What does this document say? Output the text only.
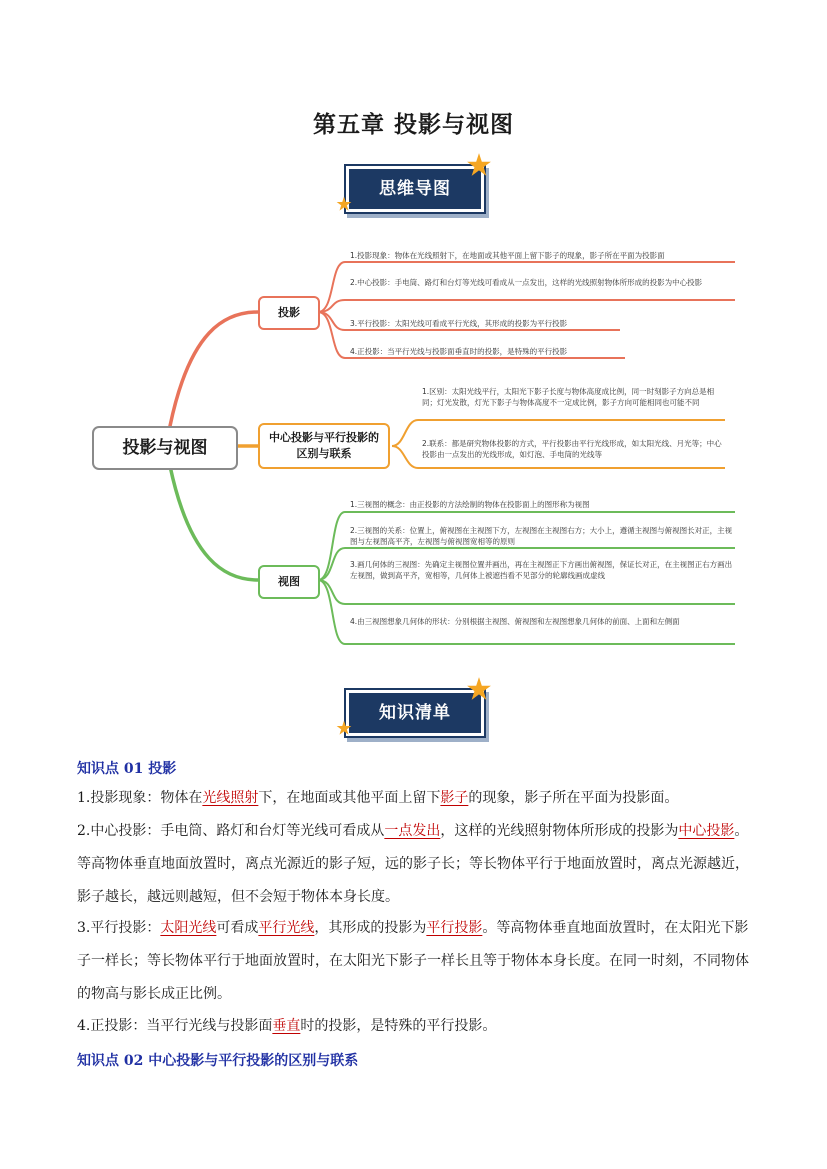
第五章 投影与视图
思维导图
投影与视图
投影
中心投影与平行投影的区别与联系
视图
1.投影现象：物体在光线照射下，在地面或其他平面上留下影子的现象，影子所在平面为投影面
2.中心投影：手电筒、路灯和台灯等光线可看成从一点发出，这样的光线照射物体所形成的投影为中心投影
3.平行投影：太阳光线可看成平行光线，其形成的投影为平行投影
4.正投影：当平行光线与投影面垂直时的投影，是特殊的平行投影
1.区别：太阳光线平行，太阳光下影子长度与物体高度成比例，同一时刻影子方向总是相同；灯光发散，灯光下影子与物体高度不一定成比例，影子方向可能相同也可能不同
2.联系：都是研究物体投影的方式，平行投影由平行光线形成，如太阳光线、月光等；中心投影由一点发出的光线形成，如灯泡、手电筒的光线等
1.三视图的概念：由正投影的方法绘制的物体在投影面上的图形称为视图
2.三视图的关系：位置上，俯视图在主视图下方，左视图在主视图右方；大小上，遵循主视图与俯视图长对正，主视图与左视图高平齐，左视图与俯视图宽相等的原则
3.画几何体的三视图：先确定主视图位置并画出，再在主视图正下方画出俯视图，保证长对正，在主视图正右方画出左视图，做到高平齐，宽相等，几何体上被遮挡看不见部分的轮廓线画成虚线
4.由三视图想象几何体的形状：分别根据主视图、俯视图和左视图想象几何体的前面、上面和左侧面
知识清单
知识点 01 投影
1.投影现象：物体在光线照射下，在地面或其他平面上留下影子的现象，影子所在平面为投影面。
2.中心投影：手电筒、路灯和台灯等光线可看成从一点发出，这样的光线照射物体所形成的投影为中心投影。等高物体垂直地面放置时，离点光源近的影子短，远的影子长；等长物体平行于地面放置时，离点光源越近，影子越长，越远则越短，但不会短于物体本身长度。
3.平行投影：太阳光线可看成平行光线，其形成的投影为平行投影。等高物体垂直地面放置时，在太阳光下影子一样长；等长物体平行于地面放置时，在太阳光下影子一样长且等于物体本身长度。在同一时刻，不同物体的物高与影长成正比例。
4.正投影：当平行光线与投影面垂直时的投影，是特殊的平行投影。
知识点 02 中心投影与平行投影的区别与联系
